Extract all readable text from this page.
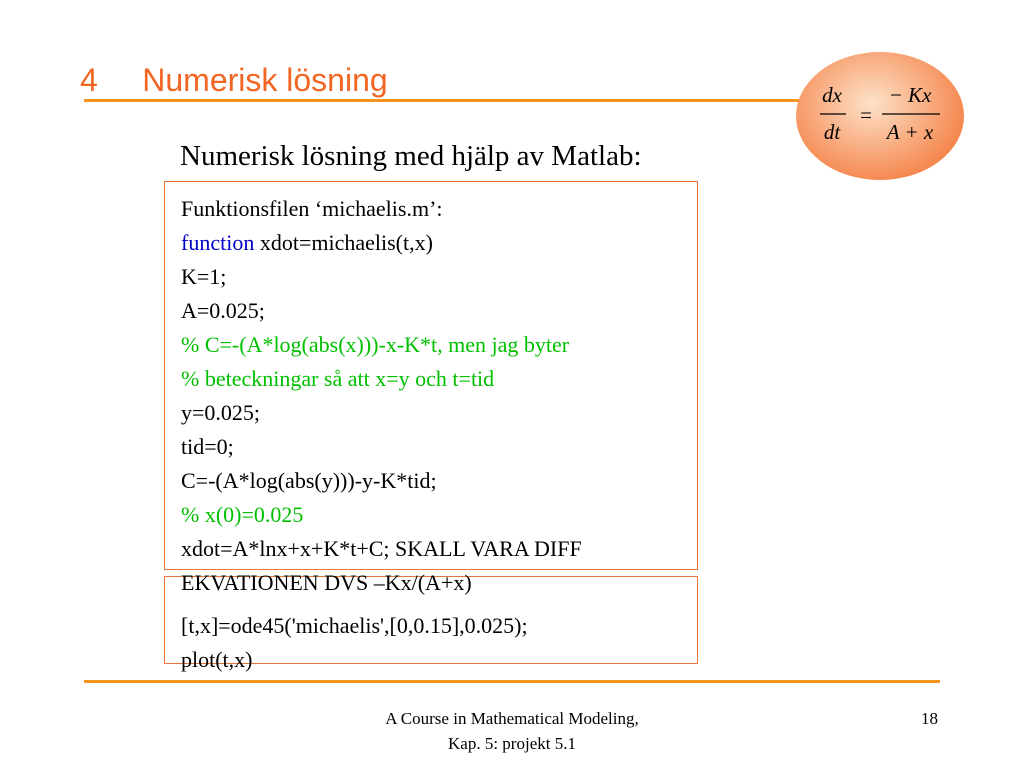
4     Numerisk lösning	dx
dt
=
− Kx
A + x
Numerisk lösning med hjälp av Matlab:
Funktionsfilen ‘michaelis.m’:
function xdot=michaelis(t,x)
K=1;
A=0.025;
% C=-(A*log(abs(x)))-x-K*t, men jag byter
% beteckningar så att x=y och t=tid
y=0.025;
tid=0;
C=-(A*log(abs(y)))-y-K*tid;
% x(0)=0.025
xdot=A*lnx+x+K*t+C; SKALL VARA DIFF
EKVATIONEN DVS –Kx/(A+x)
[t,x]=ode45('michaelis',[0,0.15],0.025);
plot(t,x)
A Course in Mathematical Modeling,
Kap. 5: projekt 5.1
18
